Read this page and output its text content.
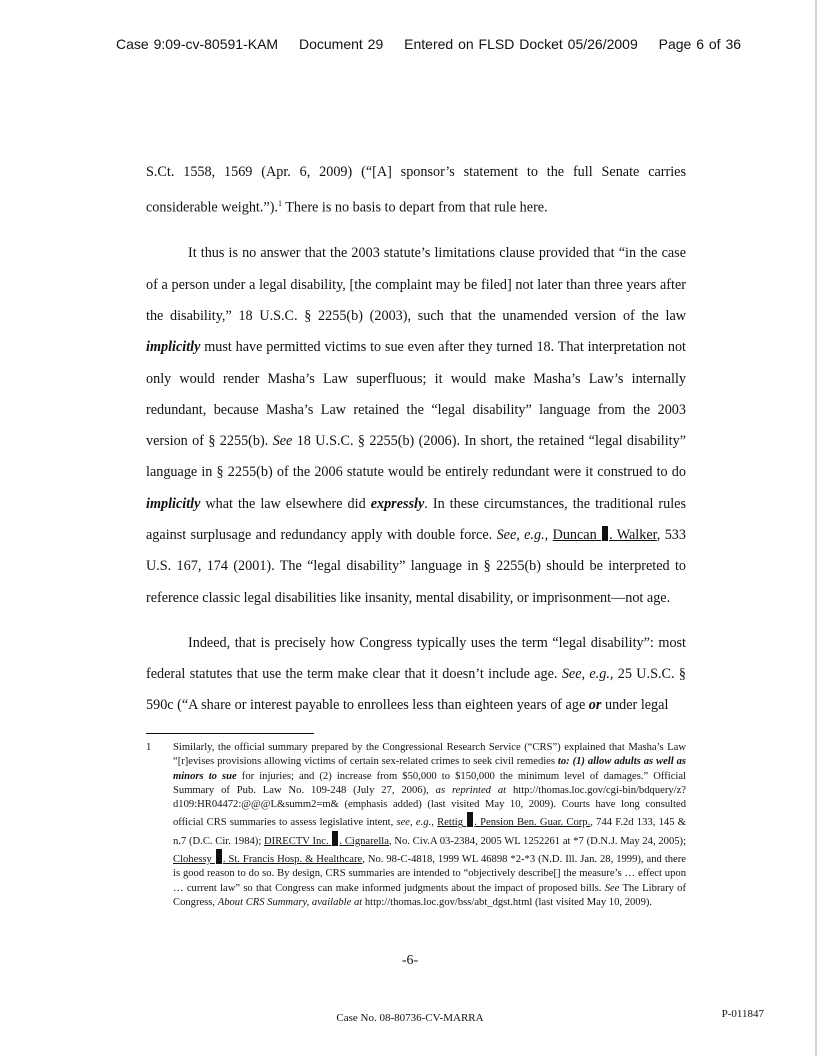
Case 9:09-cv-80591-KAM Document 29 Entered on FLSD Docket 05/26/2009 Page 6 of 36

S.Ct. 1558, 1569 (Apr. 6, 2009) (“[A] sponsor’s statement to the full Senate carries considerable weight.”).$^1$ There is no basis to depart from that rule here.

It thus is no answer that the 2003 statute’s limitations clause provided that “in the case of a person under a legal disability, [the complaint may be filed] not later than three years after the disability,” 18 U.S.C. § 2255(b) (2003), such that the unamended version of the law implicitly must have permitted victims to sue even after they turned 18. That interpretation not only would render Masha’s Law superfluous; it would make Masha’s Law’s internally redundant, because Masha’s Law retained the “legal disability” language from the 2003 version of § 2255(b). See 18 U.S.C. § 2255(b) (2006). In short, the retained “legal disability” language in § 2255(b) of the 2006 statute would be entirely redundant were it construed to do implicitly what the law elsewhere did expressly. In these circumstances, the traditional rules against surplusage and redundancy apply with double force. See, e.g., Duncan . Walker, 533 U.S. 167, 174 (2001). The “legal disability” language in § 2255(b) should be interpreted to reference classic legal disabilities like insanity, mental disability, or imprisonment—not age.

Indeed, that is precisely how Congress typically uses the term “legal disability”: most federal statutes that use the term make clear that it doesn’t include age. See, e.g., 25 U.S.C. § 590c (“A share or interest payable to enrollees less than eighteen years of age or under legal

1 Similarly, the official summary prepared by the Congressional Research Service (“CRS”) explained that Masha’s Law “[r]evises provisions allowing victims of certain sex-related crimes to seek civil remedies to: (1) allow adults as well as minors to sue for injuries; and (2) increase from $50,000 to $150,000 the minimum level of damages.” Official Summary of Pub. Law No. 109-248 (July 27, 2006), as reprinted at http://thomas.loc.gov/cgi-bin/bdquery/z?d109:HR04472:@@@L&summ2=m& (emphasis added) (last visited May 10, 2009). Courts have long consulted official CRS summaries to assess legislative intent, see, e.g., Rettig . Pension Ben. Guar. Corp., 744 F.2d 133, 145 & n.7 (D.C. Cir. 1984); DIRECTV Inc. . Cignarella, No. Civ.A 03-2384, 2005 WL 1252261 at *7 (D.N.J. May 24, 2005); Clohessy . St. Francis Hosp. & Healthcare, No. 98-C-4818, 1999 WL 46898 *2-*3 (N.D. Ill. Jan. 28, 1999), and there is good reason to do so. By design, CRS summaries are intended to “objectively describe[] the measure’s … effect upon … current law” so that Congress can make informed judgments about the impact of proposed bills. See The Library of Congress, About CRS Summary, available at http://thomas.loc.gov/bss/abt_dgst.html (last visited May 10, 2009).
-6-
Case No. 08-80736-CV-MARRA	P-011847
